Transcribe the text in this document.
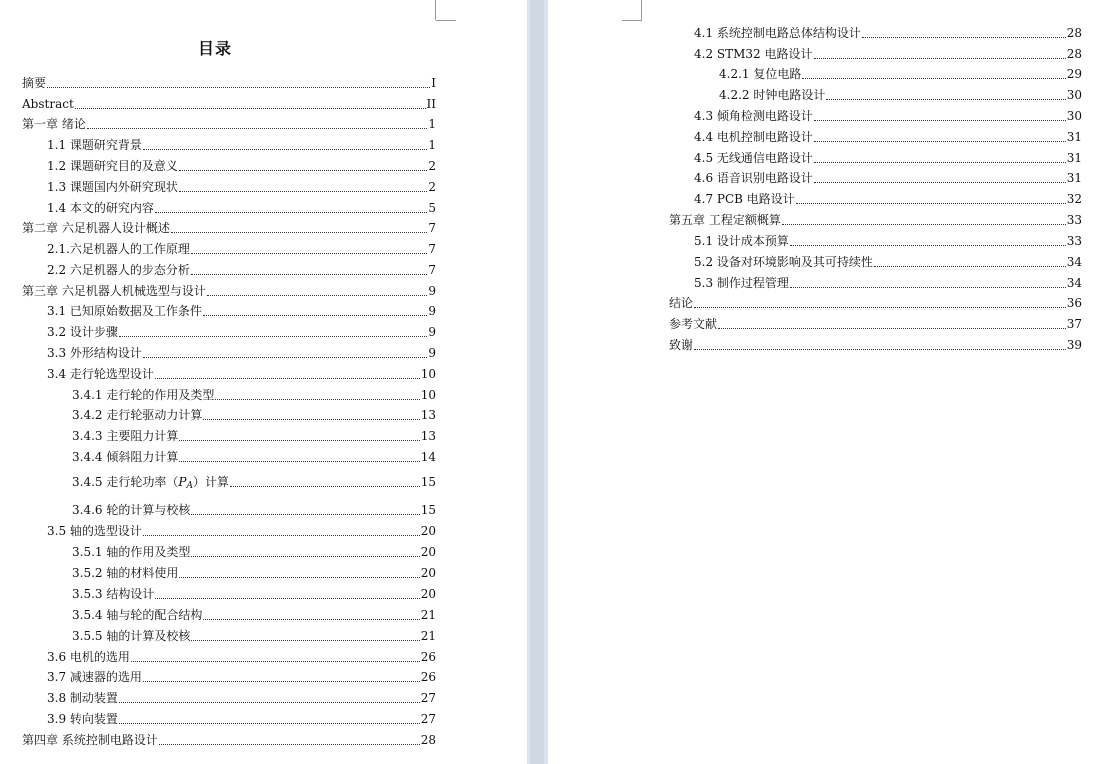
目录
摘要	I
Abstract	II
第一章 绪论	1
1.1 课题研究背景	1
1.2 课题研究目的及意义	2
1.3 课题国内外研究现状	2
1.4 本文的研究内容	5
第二章 六足机器人设计概述	7
2.1.六足机器人的工作原理	7
2.2 六足机器人的步态分析	7
第三章 六足机器人机械选型与设计	9
3.1 已知原始数据及工作条件	9
3.2 设计步骤	9
3.3 外形结构设计	9
3.4 走行轮选型设计	10
3.4.1 走行轮的作用及类型	10
3.4.2 走行轮驱动力计算	13
3.4.3 主要阻力计算	13
3.4.4 倾斜阻力计算	14
3.4.5 走行轮功率$(P_A)$计算	15
3.4.6 轮的计算与校核	15
3.5 轴的选型设计	20
3.5.1 轴的作用及类型	20
3.5.2 轴的材料使用	20
3.5.3 结构设计	20
3.5.4 轴与轮的配合结构	21
3.5.5 轴的计算及校核	21
3.6 电机的选用	26
3.7 减速器的选用	26
3.8 制动装置	27
3.9 转向装置	27
第四章 系统控制电路设计	28
4.1 系统控制电路总体结构设计	28
4.2 STM32 电路设计	28
4.2.1 复位电路	29
4.2.2 时钟电路设计	30
4.3 倾角检测电路设计	30
4.4 电机控制电路设计	31
4.5 无线通信电路设计	31
4.6 语音识别电路设计	31
4.7 PCB 电路设计	32
第五章 工程定额概算	33
5.1 设计成本预算	33
5.2 设备对环境影响及其可持续性	34
5.3 制作过程管理	34
结论	36
参考文献	37
致谢	39
